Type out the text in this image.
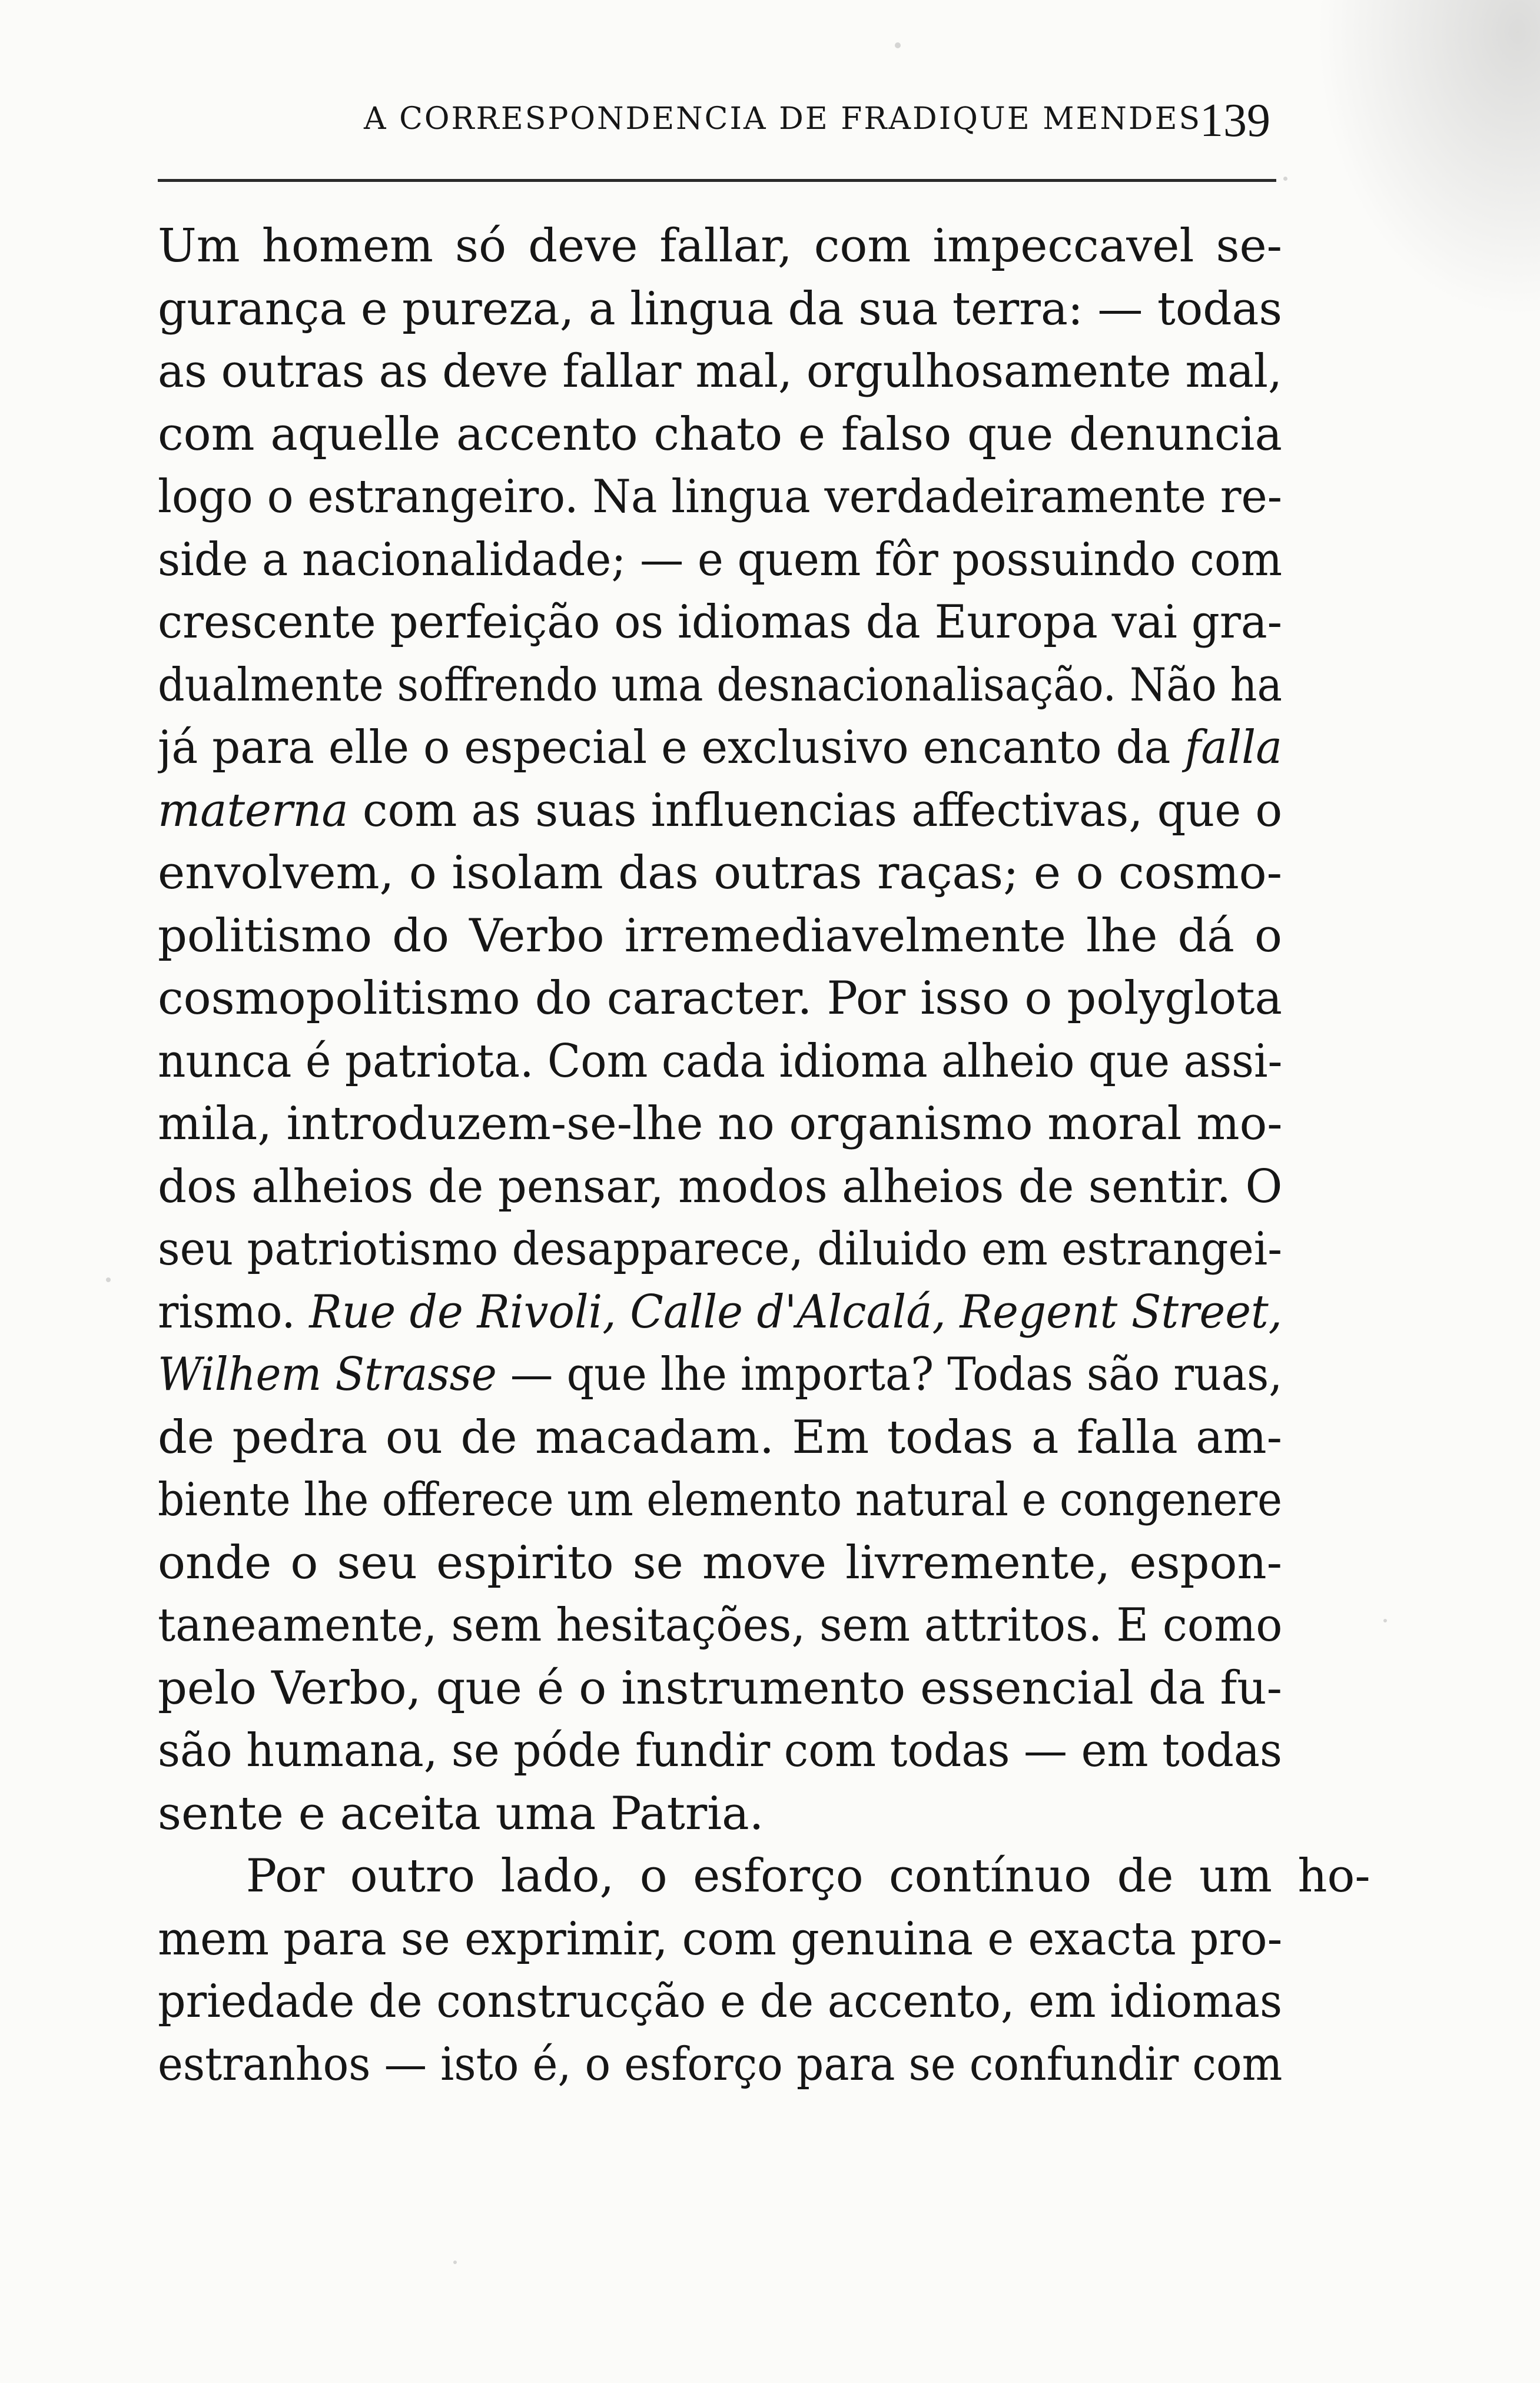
A CORRESPONDENCIA DE FRADIQUE MENDES
139
Um homem só deve fallar, com impeccavel se-
gurança e pureza, a lingua da sua terra: — todas
as outras as deve fallar mal, orgulhosamente mal,
com aquelle accento chato e falso que denuncia
logo o estrangeiro. Na lingua verdadeiramente re-
side a nacionalidade; — e quem fôr possuindo com
crescente perfeição os idiomas da Europa vai gra-
dualmente soffrendo uma desnacionalisação. Não ha
já para elle o especial e exclusivo encanto da falla
materna com as suas influencias affectivas, que o
envolvem, o isolam das outras raças; e o cosmo-
politismo do Verbo irremediavelmente lhe dá o
cosmopolitismo do caracter. Por isso o polyglota
nunca é patriota. Com cada idioma alheio que assi-
mila, introduzem-se-lhe no organismo moral mo-
dos alheios de pensar, modos alheios de sentir. O
seu patriotismo desapparece, diluido em estrangei-
rismo. Rue de Rivoli, Calle d'Alcalá, Regent Street,
Wilhem Strasse — que lhe importa? Todas são ruas,
de pedra ou de macadam. Em todas a falla am-
biente lhe offerece um elemento natural e congenere
onde o seu espirito se move livremente, espon-
taneamente, sem hesitações, sem attritos. E como
pelo Verbo, que é o instrumento essencial da fu-
são humana, se póde fundir com todas — em todas
sente e aceita uma Patria.
Por outro lado, o esforço contínuo de um ho-
mem para se exprimir, com genuina e exacta pro-
priedade de construcção e de accento, em idiomas
estranhos — isto é, o esforço para se confundir com
